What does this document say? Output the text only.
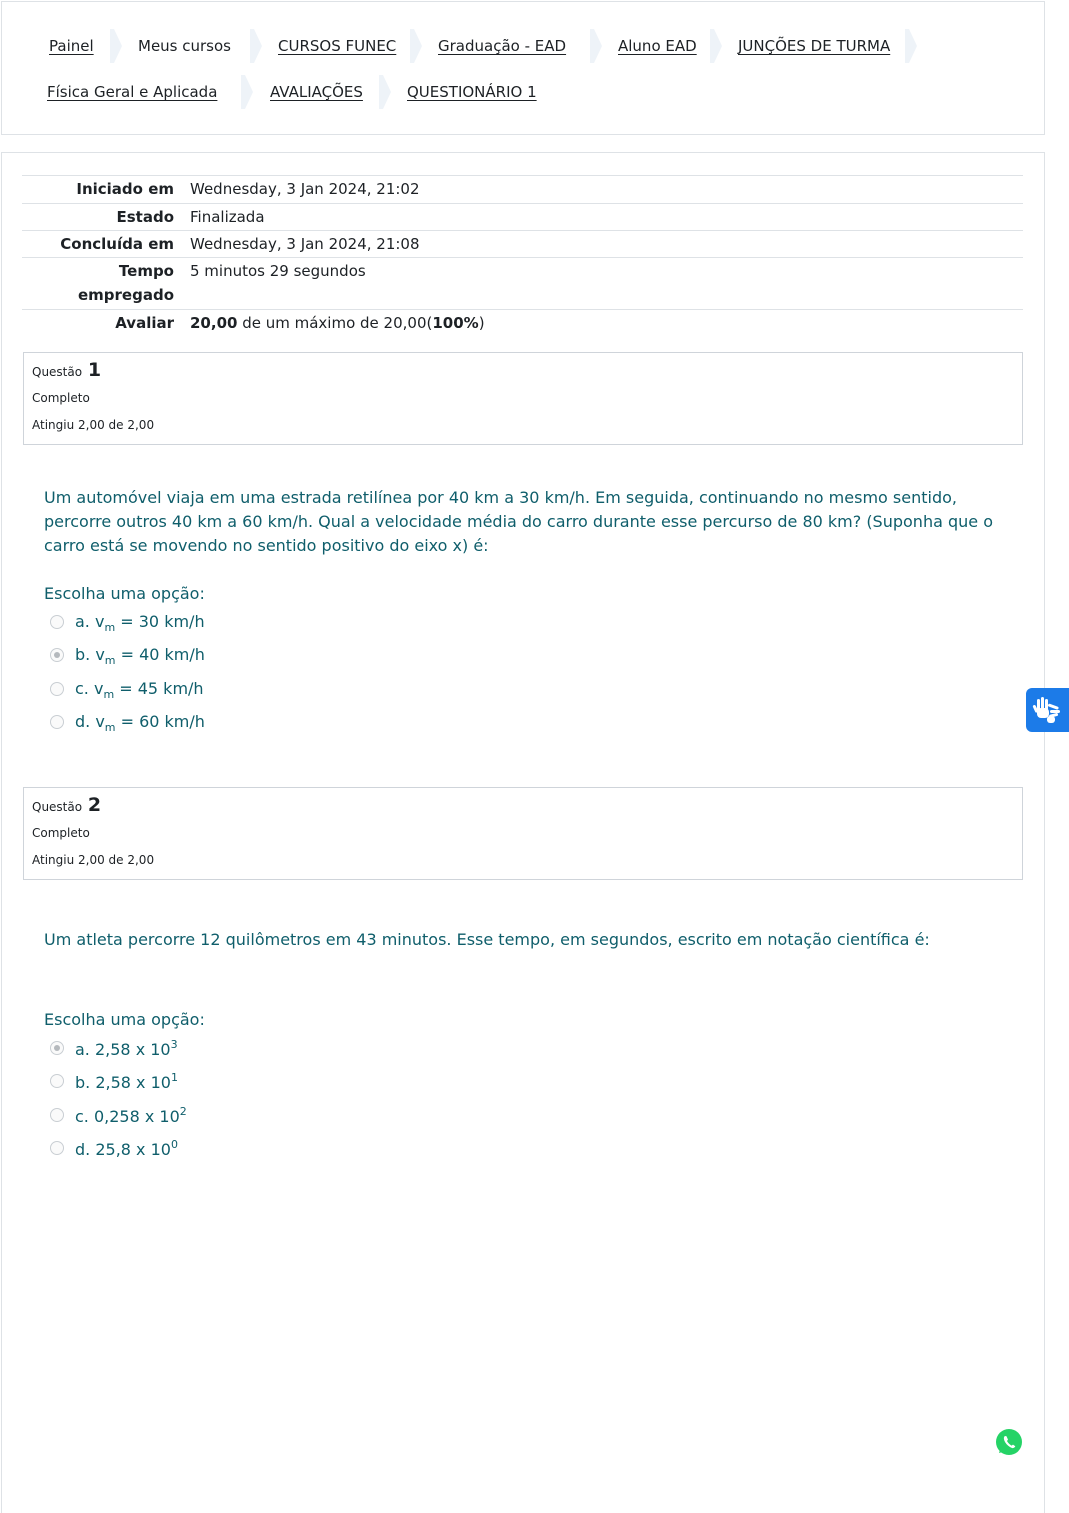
Painel	Meus cursos	CURSOS FUNEC	Graduação - EAD	Aluno EAD	JUNÇÕES DE TURMA
Física Geral e Aplicada	AVALIAÇÕES	QUESTIONÁRIO 1
Iniciado em Wednesday, 3 Jan 2024, 21:02
Estado Finalizada
Concluída em Wednesday, 3 Jan 2024, 21:08
Tempo
empregado
5 minutos 29 segundos
Avaliar 20,00 de um máximo de 20,00(100%)
Questão 1
Completo
Atingiu 2,00 de 2,00
Um automóvel viaja em uma estrada retilínea por 40 km a 30 km/h. Em seguida, continuando no mesmo sentido, percorre outros 40 km a 60 km/h. Qual a velocidade média do carro durante esse percurso de 80 km? (Suponha que o carro está se movendo no sentido positivo do eixo x) é:
Escolha uma opção:
a. $v_m = 30$ km/h
b. $v_m = 40$ km/h
c. $v_m = 45$ km/h
d. $v_m = 60$ km/h
Questão 2
Completo
Atingiu 2,00 de 2,00
Um atleta percorre 12 quilômetros em 43 minutos. Esse tempo, em segundos, escrito em notação científica é:
Escolha uma opção:
a. 2,58 x $10^3$
b. 2,58 x $10^1$
c. 0,258 x $10^2$
d. 25,8 x $10^0$
